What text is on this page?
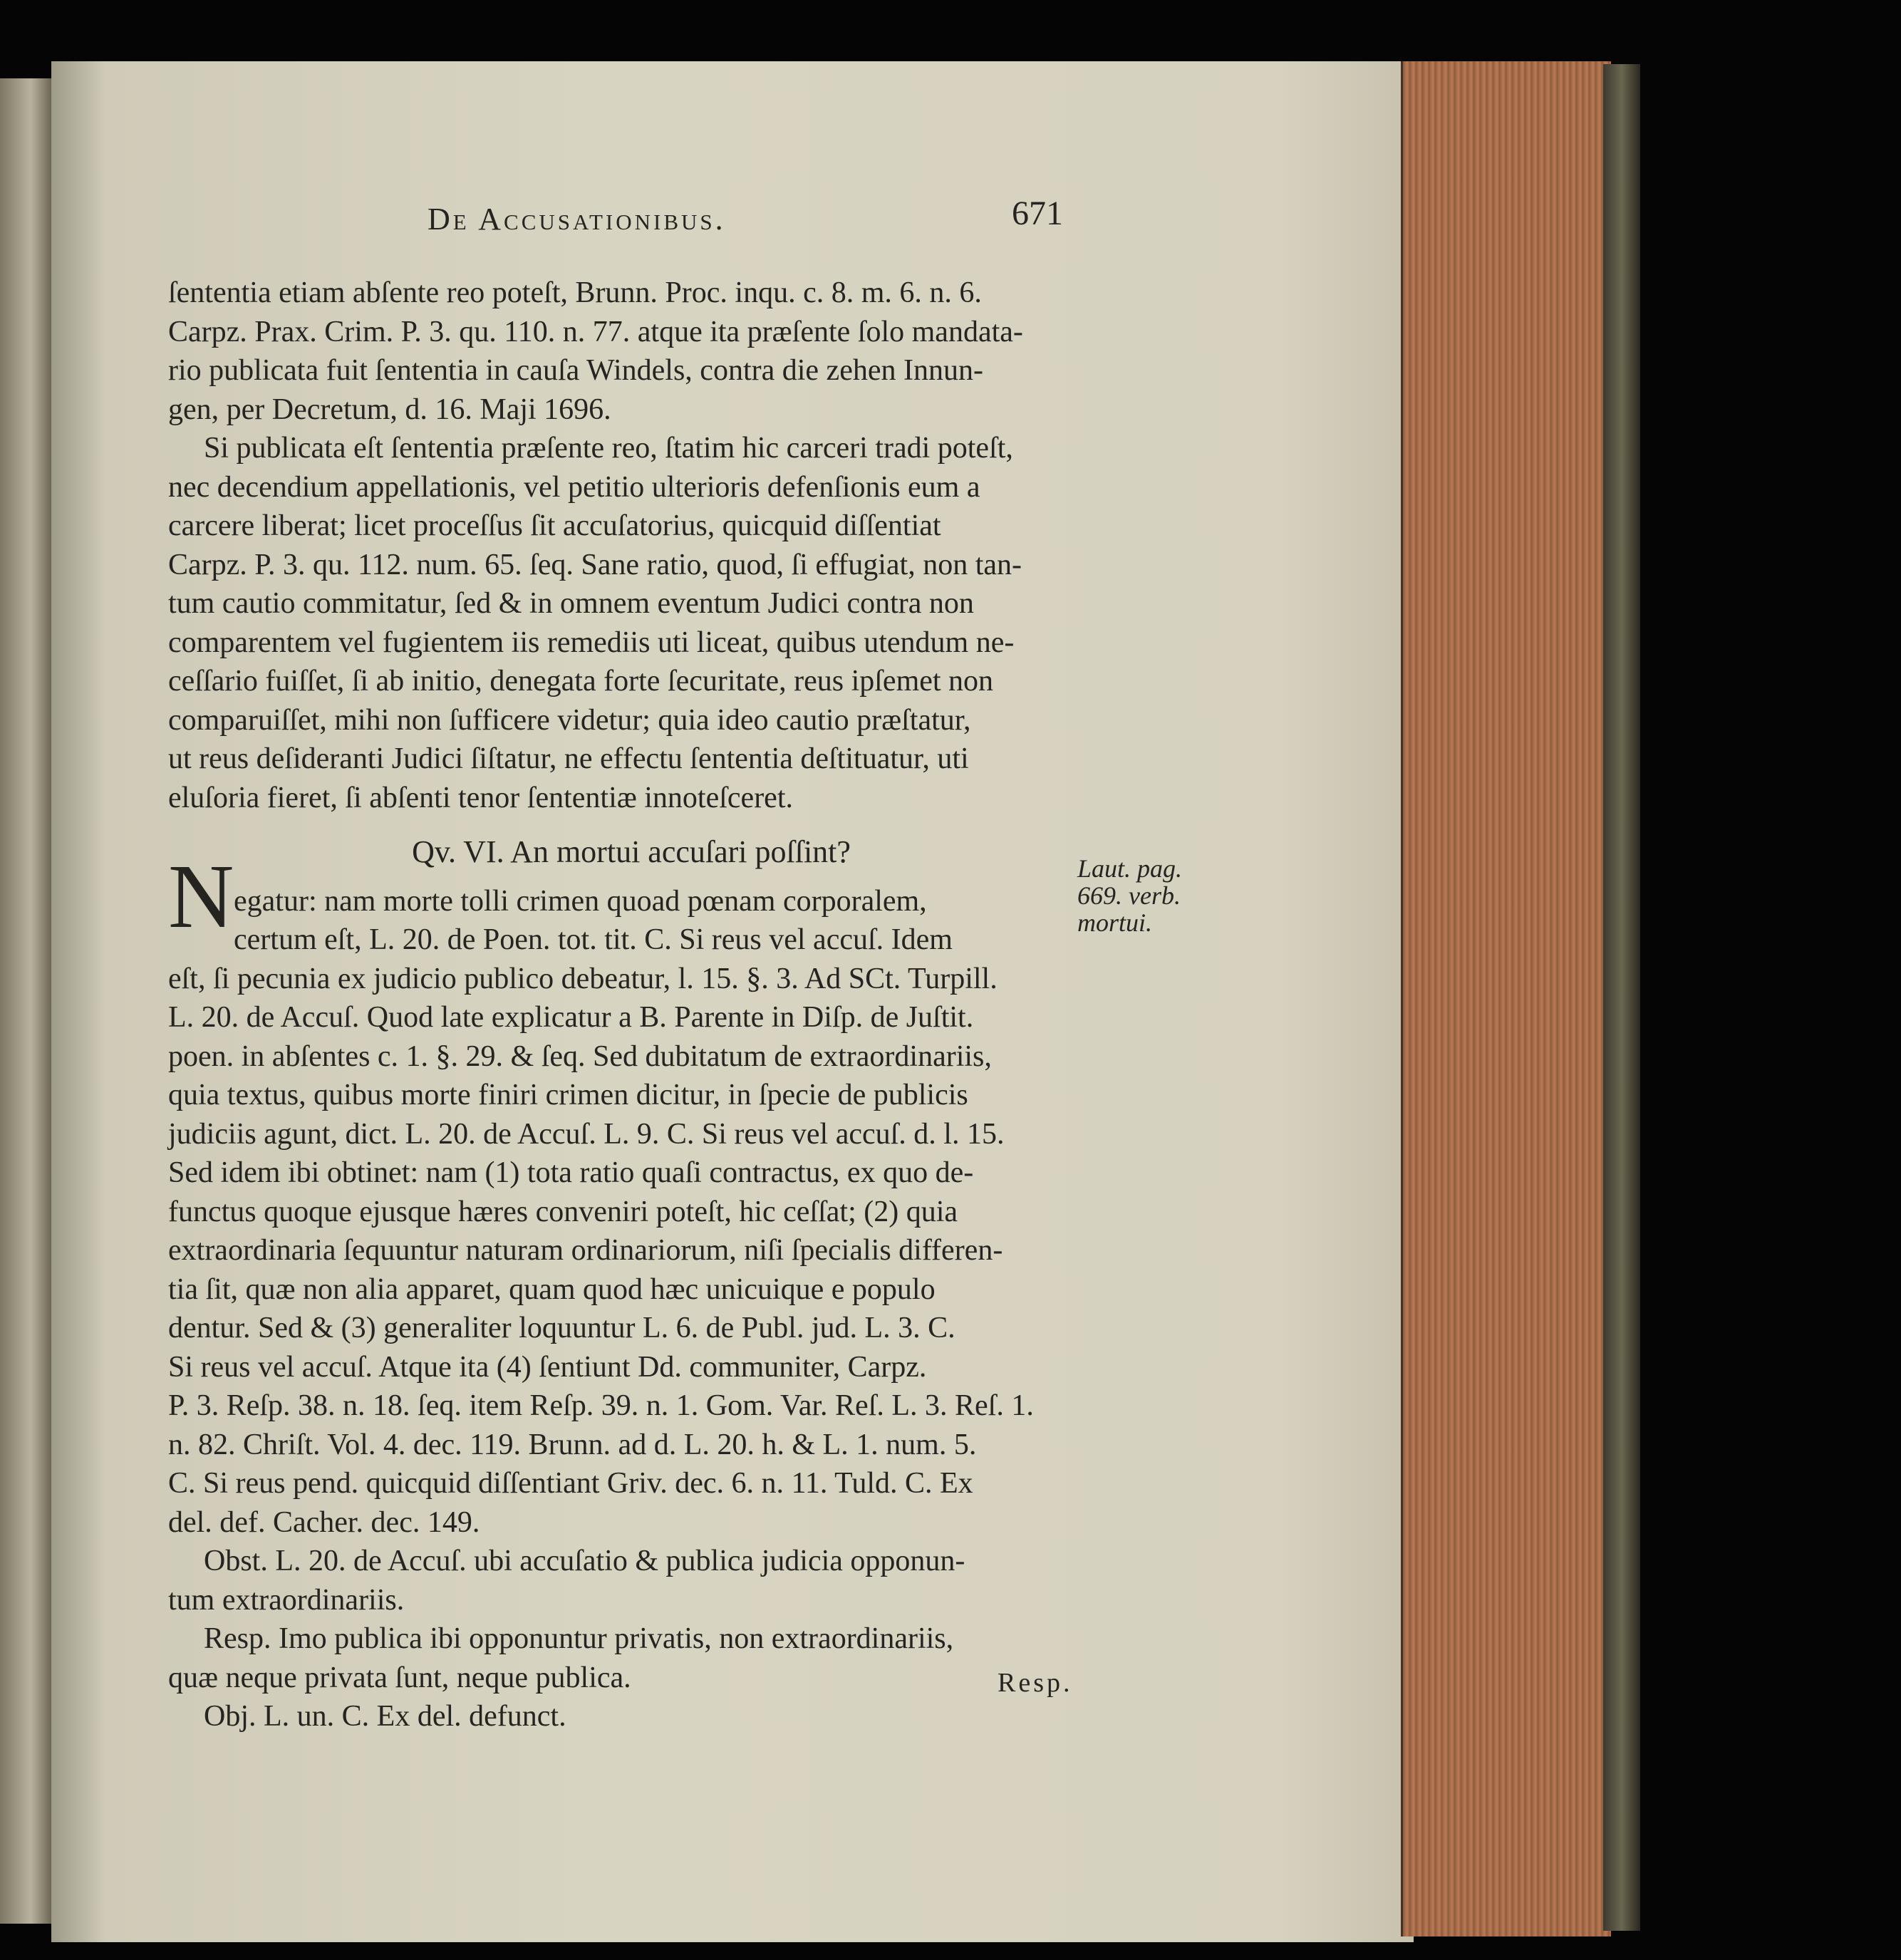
De Accusationibus.	671
ſententia etiam abſente reo poteſt, Brunn. Proc. inqu. c. 8. m. 6. n. 6.
Carpz. Prax. Crim. P. 3. qu. 110. n. 77. atque ita præſente ſolo mandata-
rio publicata fuit ſententia in cauſa Windels, contra die zehen Innun-
gen, per Decretum, d. 16. Maji 1696.
Si publicata eſt ſententia præſente reo, ſtatim hic carceri tradi poteſt,
nec decendium appellationis, vel petitio ulterioris defenſionis eum a
carcere liberat; licet proceſſus ſit accuſatorius, quicquid diſſentiat
Carpz. P. 3. qu. 112. num. 65. ſeq. Sane ratio, quod, ſi effugiat, non tan-
tum cautio commitatur, ſed & in omnem eventum Judici contra non
comparentem vel fugientem iis remediis uti liceat, quibus utendum ne-
ceſſario fuiſſet, ſi ab initio, denegata forte ſecuritate, reus ipſemet non
comparuiſſet, mihi non ſufficere videtur; quia ideo cautio præſtatur,
ut reus deſideranti Judici ſiſtatur, ne effectu ſententia deſtituatur, uti
eluſoria fieret, ſi abſenti tenor ſententiæ innoteſceret.
Qv. VI. An mortui accuſari poſſint?
egatur: nam morte tolli crimen quoad pœnam corporalem,
certum eſt, L. 20. de Poen. tot. tit. C. Si reus vel accuſ. Idem
eſt, ſi pecunia ex judicio publico debeatur, l. 15. §. 3. Ad SCt. Turpill.
L. 20. de Accuſ. Quod late explicatur a B. Parente in Diſp. de Juſtit.
poen. in abſentes c. 1. §. 29. & ſeq. Sed dubitatum de extraordinariis,
quia textus, quibus morte finiri crimen dicitur, in ſpecie de publicis
judiciis agunt, dict. L. 20. de Accuſ. L. 9. C. Si reus vel accuſ. d. l. 15.
Sed idem ibi obtinet: nam (1) tota ratio quaſi contractus, ex quo de-
functus quoque ejusque hæres conveniri poteſt, hic ceſſat; (2) quia
extraordinaria ſequuntur naturam ordinariorum, niſi ſpecialis differen-
tia ſit, quæ non alia apparet, quam quod hæc unicuique e populo
dentur. Sed & (3) generaliter loquuntur L. 6. de Publ. jud. L. 3. C.
Si reus vel accuſ. Atque ita (4) ſentiunt Dd. communiter, Carpz.
P. 3. Reſp. 38. n. 18. ſeq. item Reſp. 39. n. 1. Gom. Var. Reſ. L. 3. Reſ. 1.
n. 82. Chriſt. Vol. 4. dec. 119. Brunn. ad d. L. 20. h. & L. 1. num. 5.
C. Si reus pend. quicquid diſſentiant Griv. dec. 6. n. 11. Tuld. C. Ex
del. def. Cacher. dec. 149.
Obst. L. 20. de Accuſ. ubi accuſatio & publica judicia opponun-
tum extraordinariis.
Resp. Imo publica ibi opponuntur privatis, non extraordinariis,
quæ neque privata ſunt, neque publica.
Obj. L. un. C. Ex del. defunct.
N	Laut. pag.
669. verb.
mortui.
Resp.
